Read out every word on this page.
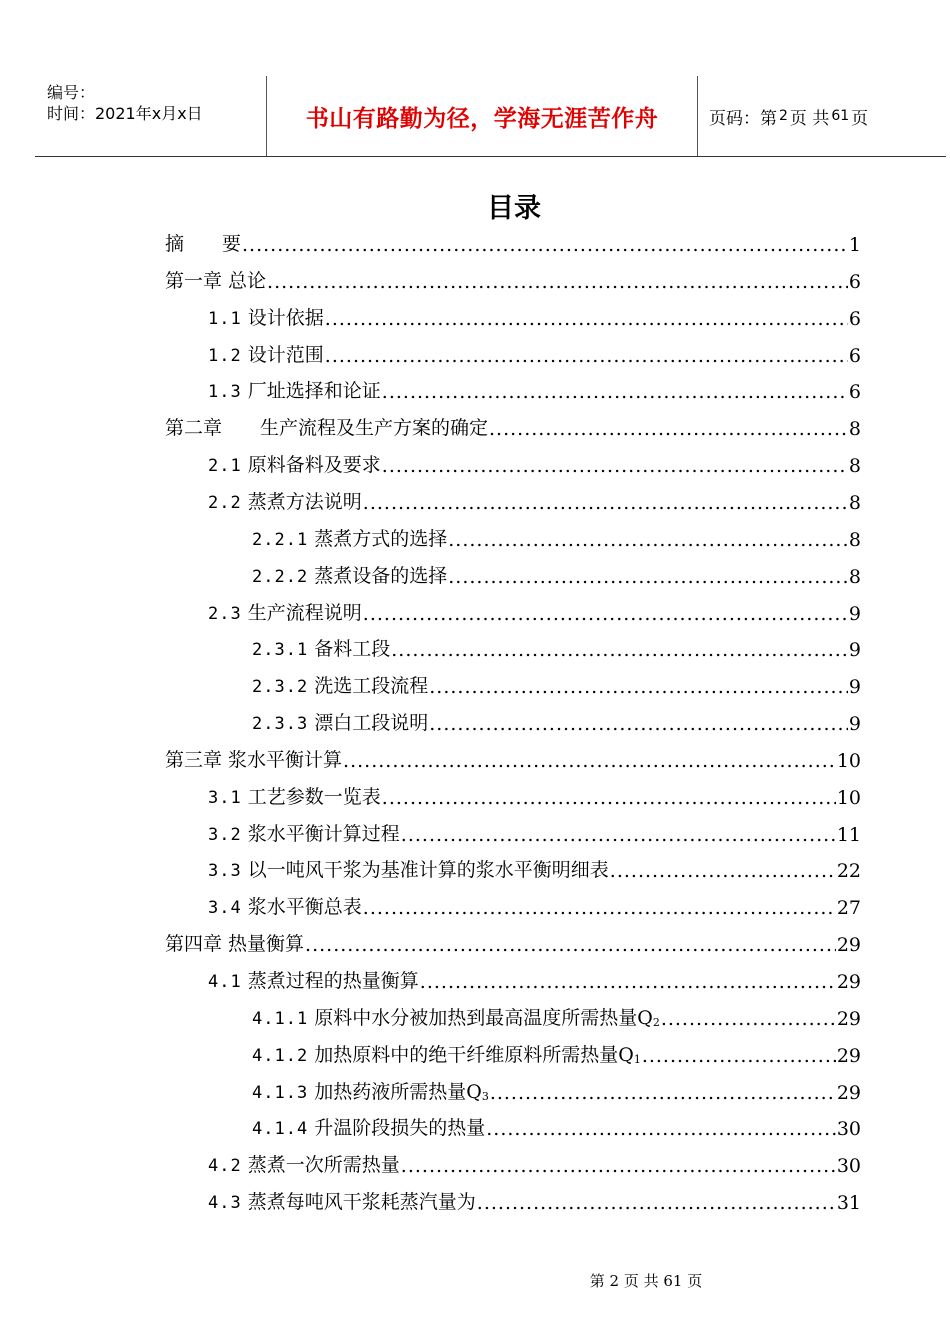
编号：
时间：2021年x月x日	书山有路勤为径，学海无涯苦作舟	页码：第 2 页 共 61 页
目录
摘　　要 .....	1
第一章 总论 .....	6
1.1 设计依据 .....	6
1.2 设计范围 .....	6
1.3 厂址选择和论证 .....	6
第二章　　生产流程及生产方案的确定 .....	8
2.1 原料备料及要求 .....	8
2.2 蒸煮方法说明 .....	8
2.2.1 蒸煮方式的选择 .....	8
2.2.2 蒸煮设备的选择 .....	8
2.3 生产流程说明 .....	9
2.3.1 备料工段 .....	9
2.3.2 洗选工段流程 .....	9
2.3.3 漂白工段说明 .....	9
第三章 浆水平衡计算 .....	10
3.1 工艺参数一览表 .....	10
3.2 浆水平衡计算过程 .....	11
3.3 以一吨风干浆为基准计算的浆水平衡明细表 .....	22
3.4 浆水平衡总表 .....	27
第四章 热量衡算 .....	29
4.1 蒸煮过程的热量衡算 .....	29
4.1.1 原料中水分被加热到最高温度所需热量Q2 .....	29
4.1.2 加热原料中的绝干纤维原料所需热量Q1 .....	29
4.1.3 加热药液所需热量Q3 .....	29
4.1.4 升温阶段损失的热量 .....	30
4.2 蒸煮一次所需热量 .....	30
4.3 蒸煮每吨风干浆耗蒸汽量为 .....	31
第 2 页 共 61 页
